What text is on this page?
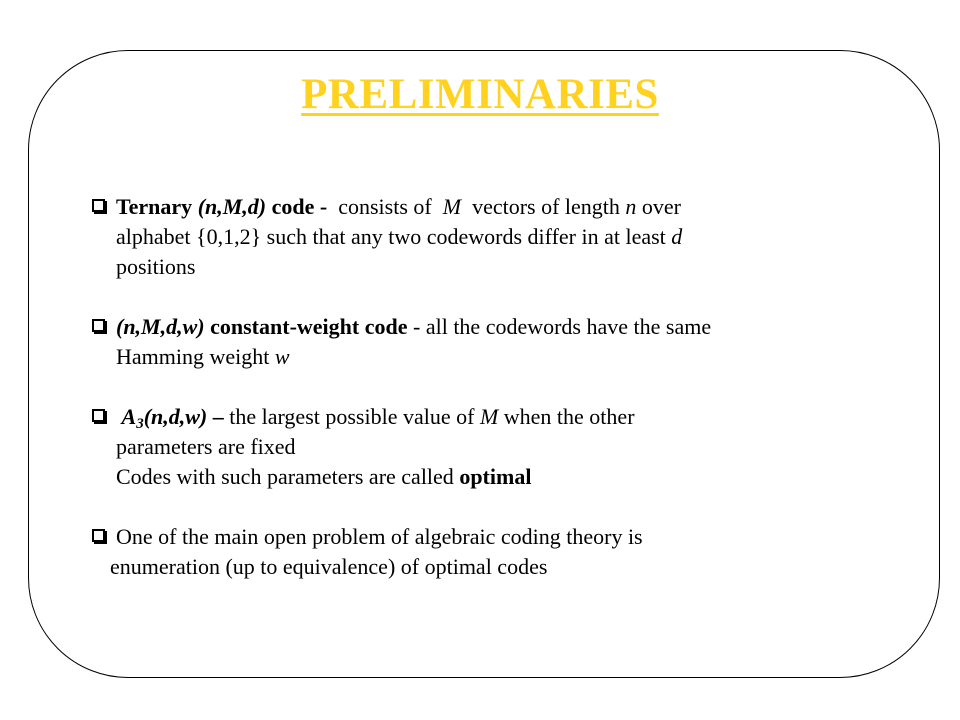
PRELIMINARIES
Ternary (n,M,d) code - consists of M vectors of length n over
alphabet {0,1,2} such that any two codewords differ in at least d
positions
(n,M,d,w) constant-weight code - all the codewords have the same
Hamming weight w
$A_3(n,d,w)$ – the largest possible value of M when the other
parameters are fixed
Codes with such parameters are called optimal
One of the main open problem of algebraic coding theory is
enumeration (up to equivalence) of optimal codes
